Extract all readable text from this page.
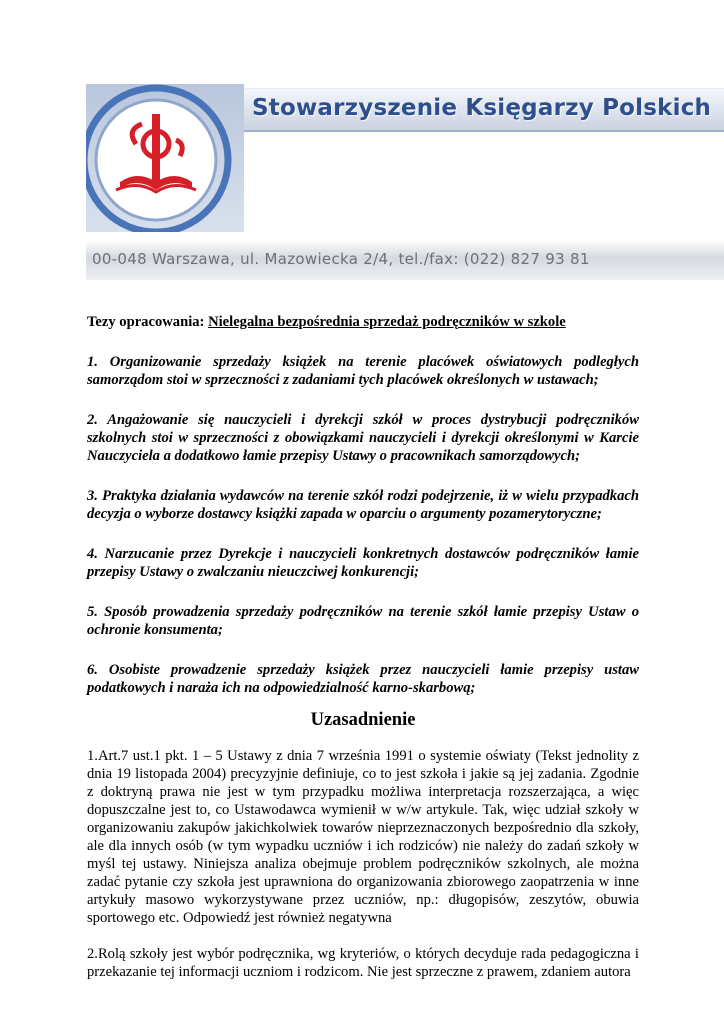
Stowarzyszenie Księgarzy Polskich
00-048 Warszawa, ul. Mazowiecka 2/4, tel./fax: (022) 827 93 81

Tezy opracowania: Nielegalna bezpośrednia sprzedaż podręczników w szkole

1. Organizowanie sprzedaży książek na terenie placówek oświatowych podległych samorządom stoi w sprzeczności z zadaniami tych placówek określonych w ustawach;

2. Angażowanie się nauczycieli i dyrekcji szkół w proces dystrybucji podręczników szkolnych stoi w sprzeczności z obowiązkami nauczycieli i dyrekcji określonymi w Karcie Nauczyciela a dodatkowo łamie przepisy Ustawy o pracownikach samorządowych;

3. Praktyka działania wydawców na terenie szkół rodzi podejrzenie, iż w wielu przypadkach decyzja o wyborze dostawcy książki zapada w oparciu o argumenty pozamerytoryczne;

4. Narzucanie przez Dyrekcje i nauczycieli konkretnych dostawców podręczników łamie przepisy Ustawy o zwalczaniu nieuczciwej konkurencji;

5. Sposób prowadzenia sprzedaży podręczników na terenie szkół łamie przepisy Ustaw o ochronie konsumenta;

6. Osobiste prowadzenie sprzedaży książek przez nauczycieli łamie przepisy ustaw podatkowych i naraża ich na odpowiedzialność karno-skarbową;

Uzasadnienie

1.Art.7 ust.1 pkt. 1 – 5 Ustawy z dnia 7 września 1991 o systemie oświaty (Tekst jednolity z dnia 19 listopada 2004) precyzyjnie definiuje, co to jest szkoła i jakie są jej zadania. Zgodnie z doktryną prawa nie jest w tym przypadku możliwa interpretacja rozszerzająca, a więc dopuszczalne jest to, co Ustawodawca wymienił w w/w artykule. Tak, więc udział szkoły w organizowaniu zakupów jakichkolwiek towarów nieprzeznaczonych bezpośrednio dla szkoły, ale dla innych osób (w tym wypadku uczniów i ich rodziców) nie należy do zadań szkoły w myśl tej ustawy. Niniejsza analiza obejmuje problem podręczników szkolnych, ale można zadać pytanie czy szkoła jest uprawniona do organizowania zbiorowego zaopatrzenia w inne artykuły masowo wykorzystywane przez uczniów, np.: długopisów, zeszytów, obuwia sportowego etc. Odpowiedź jest również negatywna

2.Rolą szkoły jest wybór podręcznika, wg kryteriów, o których decyduje rada pedagogiczna i przekazanie tej informacji uczniom i rodzicom. Nie jest sprzeczne z prawem, zdaniem autora
